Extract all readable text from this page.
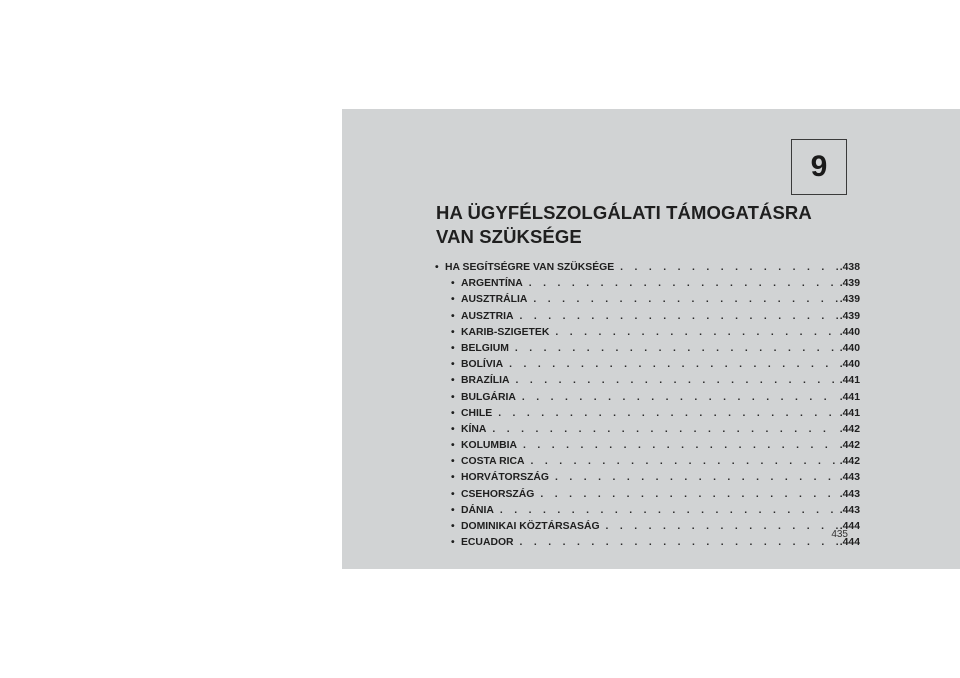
9
HA ÜGYFÉLSZOLGÁLATI TÁMOGATÁSRA
VAN SZÜKSÉGE
• HA SEGÍTSÉGRE VAN SZÜKSÉGE . . .	.438
• ARGENTÍNA . . .	.439
• AUSZTRÁLIA . . .	.439
• AUSZTRIA . . .	.439
• KARIB-SZIGETEK . . .	.440
• BELGIUM . . .	.440
• BOLÍVIA . . .	.440
• BRAZÍLIA . . .	.441
• BULGÁRIA . . .	.441
• CHILE . . .	.441
• KÍNA . . .	.442
• KOLUMBIA . . .	.442
• COSTA RICA . . .	.442
• HORVÁTORSZÁG . . .	.443
• CSEHORSZÁG . . .	.443
• DÁNIA . . .	.443
• DOMINIKAI KÖZTÁRSASÁG . . .	.444
• ECUADOR . . .	.444
435
